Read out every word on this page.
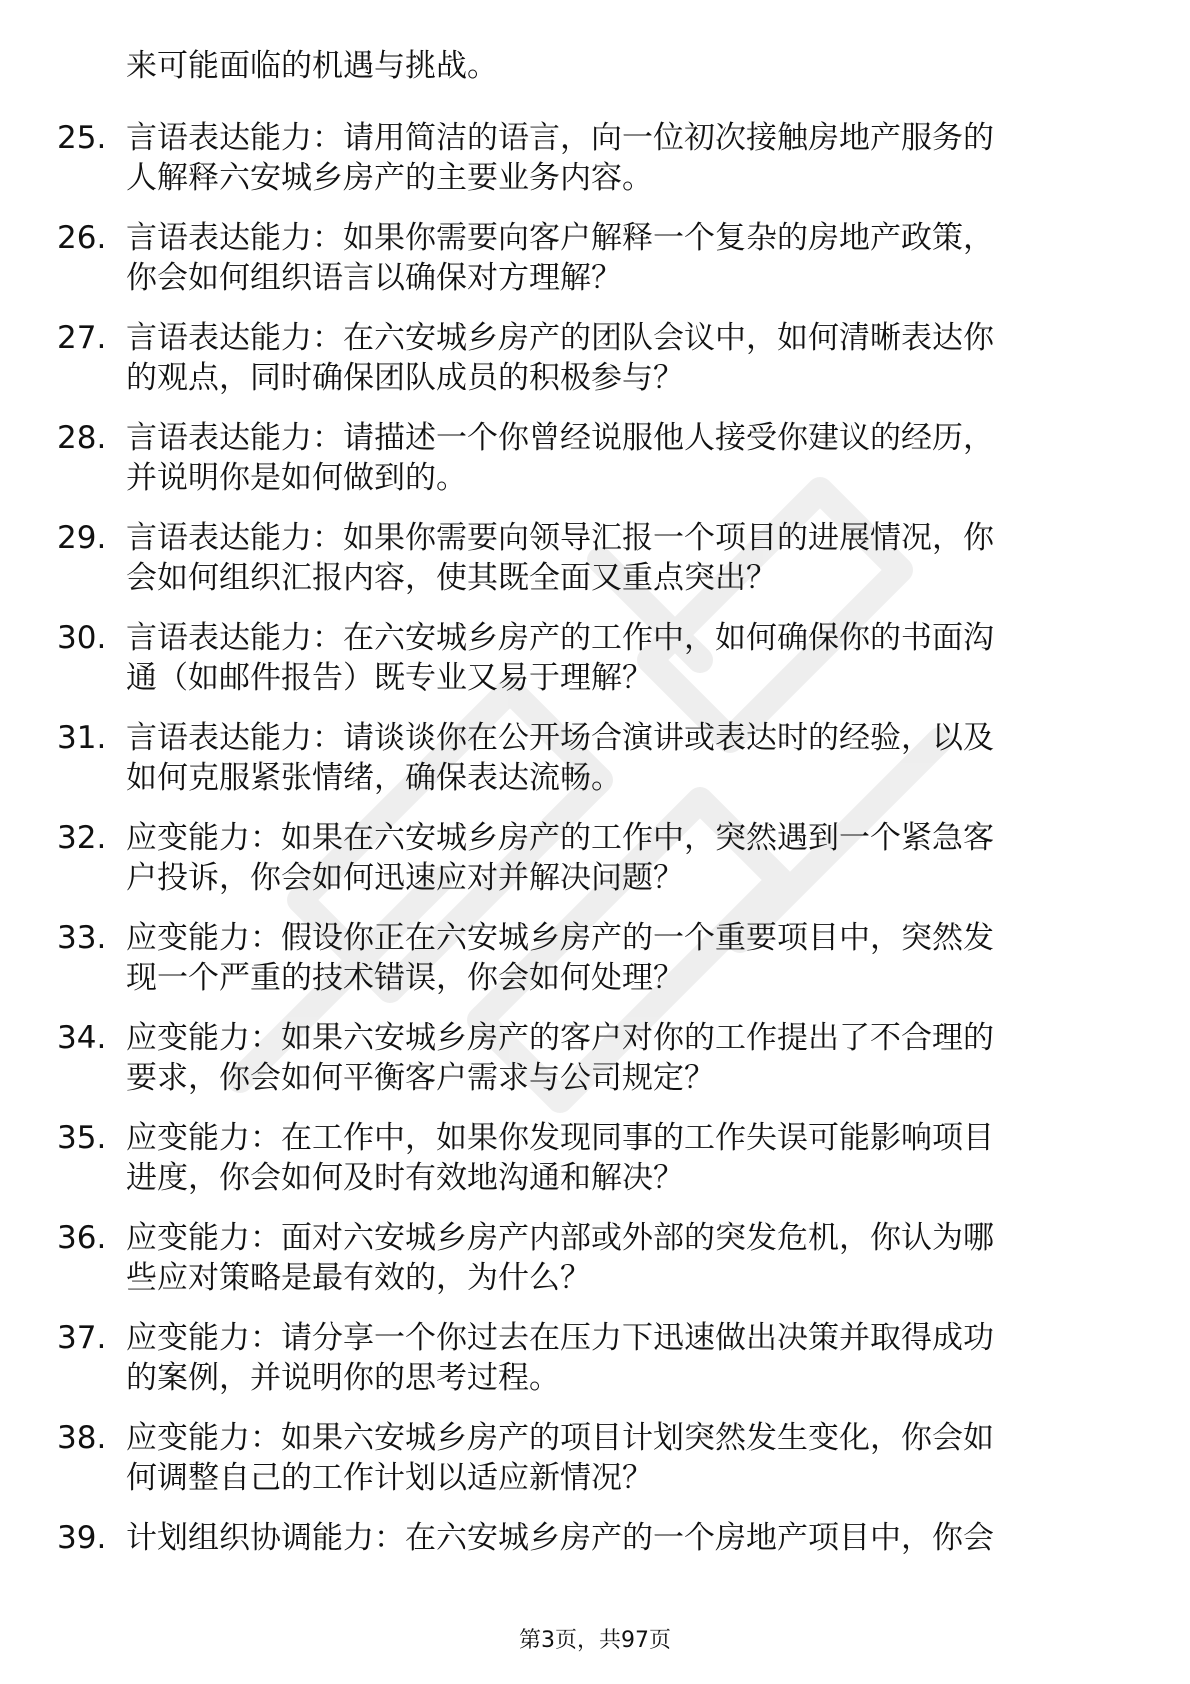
来可能面临的机遇与挑战。
25. 言语表达能力：请用简洁的语言，向一位初次接触房地产服务的
人解释六安城乡房产的主要业务内容。
26. 言语表达能力：如果你需要向客户解释一个复杂的房地产政策，
你会如何组织语言以确保对方理解？
27. 言语表达能力：在六安城乡房产的团队会议中，如何清晰表达你
的观点，同时确保团队成员的积极参与？
28. 言语表达能力：请描述一个你曾经说服他人接受你建议的经历，
并说明你是如何做到的。
29. 言语表达能力：如果你需要向领导汇报一个项目的进展情况，你
会如何组织汇报内容，使其既全面又重点突出？
30. 言语表达能力：在六安城乡房产的工作中，如何确保你的书面沟
通（如邮件报告）既专业又易于理解？
31. 言语表达能力：请谈谈你在公开场合演讲或表达时的经验，以及
如何克服紧张情绪，确保表达流畅。
32. 应变能力：如果在六安城乡房产的工作中，突然遇到一个紧急客
户投诉，你会如何迅速应对并解决问题？
33. 应变能力：假设你正在六安城乡房产的一个重要项目中，突然发
现一个严重的技术错误，你会如何处理？
34. 应变能力：如果六安城乡房产的客户对你的工作提出了不合理的
要求，你会如何平衡客户需求与公司规定？
35. 应变能力：在工作中，如果你发现同事的工作失误可能影响项目
进度，你会如何及时有效地沟通和解决？
36. 应变能力：面对六安城乡房产内部或外部的突发危机，你认为哪
些应对策略是最有效的，为什么？
37. 应变能力：请分享一个你过去在压力下迅速做出决策并取得成功
的案例，并说明你的思考过程。
38. 应变能力：如果六安城乡房产的项目计划突然发生变化，你会如
何调整自己的工作计划以适应新情况？
39. 计划组织协调能力：在六安城乡房产的一个房地产项目中，你会
第3页，共97页
